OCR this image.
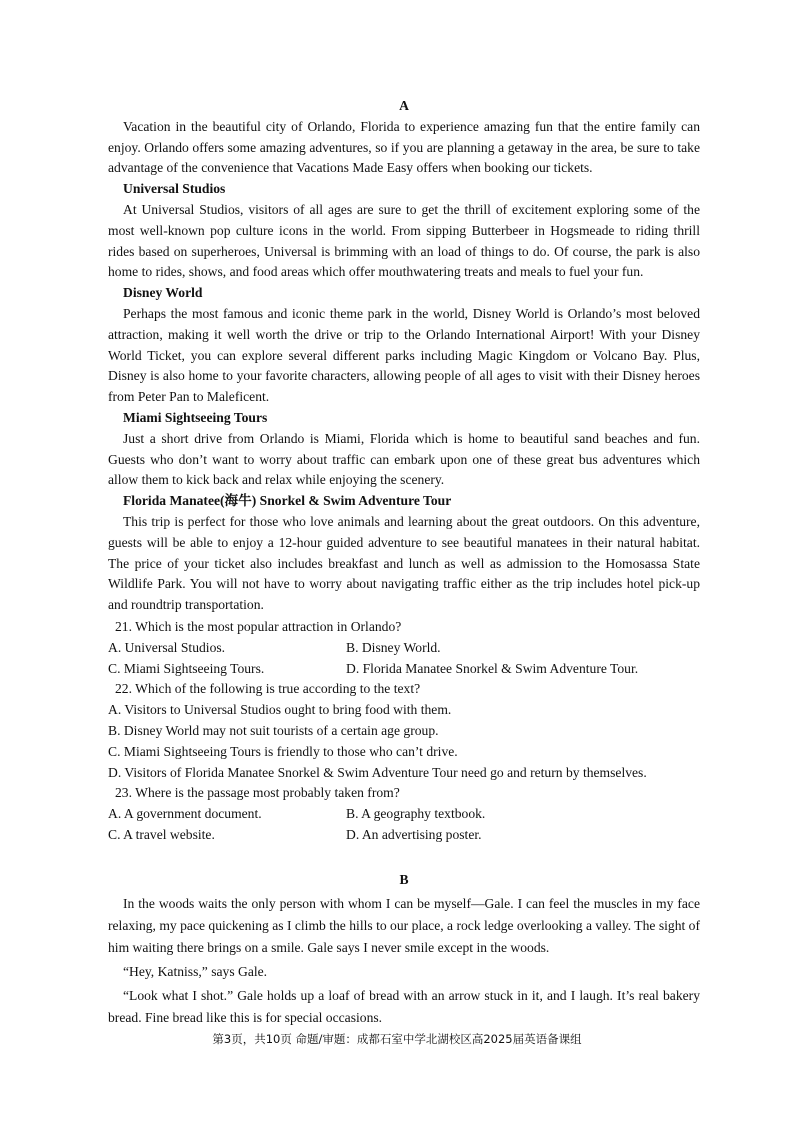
A

Vacation in the beautiful city of Orlando, Florida to experience amazing fun that the entire family can enjoy. Orlando offers some amazing adventures, so if you are planning a getaway in the area, be sure to take advantage of the convenience that Vacations Made Easy offers when booking our tickets.

Universal Studios

At Universal Studios, visitors of all ages are sure to get the thrill of excitement exploring some of the most well-known pop culture icons in the world. From sipping Butterbeer in Hogsmeade to riding thrill rides based on superheroes, Universal is brimming with an load of things to do. Of course, the park is also home to rides, shows, and food areas which offer mouthwatering treats and meals to fuel your fun.

Disney World

Perhaps the most famous and iconic theme park in the world, Disney World is Orlando’s most beloved attraction, making it well worth the drive or trip to the Orlando International Airport! With your Disney World Ticket, you can explore several different parks including Magic Kingdom or Volcano Bay. Plus, Disney is also home to your favorite characters, allowing people of all ages to visit with their Disney heroes from Peter Pan to Maleficent.

Miami Sightseeing Tours

Just a short drive from Orlando is Miami, Florida which is home to beautiful sand beaches and fun. Guests who don’t want to worry about traffic can embark upon one of these great bus adventures which allow them to kick back and relax while enjoying the scenery.

Florida Manatee(海牛) Snorkel & Swim Adventure Tour

This trip is perfect for those who love animals and learning about the great outdoors. On this adventure, guests will be able to enjoy a 12-hour guided adventure to see beautiful manatees in their natural habitat. The price of your ticket also includes breakfast and lunch as well as admission to the Homosassa State Wildlife Park. You will not have to worry about navigating traffic either as the trip includes hotel pick-up and roundtrip transportation.

21. Which is the most popular attraction in Orlando?

A. Universal Studios.	B. Disney World.
C. Miami Sightseeing Tours.	D. Florida Manatee Snorkel & Swim Adventure Tour.

22. Which of the following is true according to the text?

A. Visitors to Universal Studios ought to bring food with them.

B. Disney World may not suit tourists of a certain age group.

C. Miami Sightseeing Tours is friendly to those who can’t drive.

D. Visitors of Florida Manatee Snorkel & Swim Adventure Tour need go and return by themselves.

23. Where is the passage most probably taken from?

A. A government document.	B. A geography textbook.
C. A travel website.	D. An advertising poster.

B

In the woods waits the only person with whom I can be myself—Gale. I can feel the muscles in my face relaxing, my pace quickening as I climb the hills to our place, a rock ledge overlooking a valley. The sight of him waiting there brings on a smile. Gale says I never smile except in the woods.

“Hey, Katniss,” says Gale.

“Look what I shot.” Gale holds up a loaf of bread with an arrow stuck in it, and I laugh. It’s real bakery bread. Fine bread like this is for special occasions.

第3页，共10页 命题/审题：成都石室中学北湖校区高2025届英语备课组
